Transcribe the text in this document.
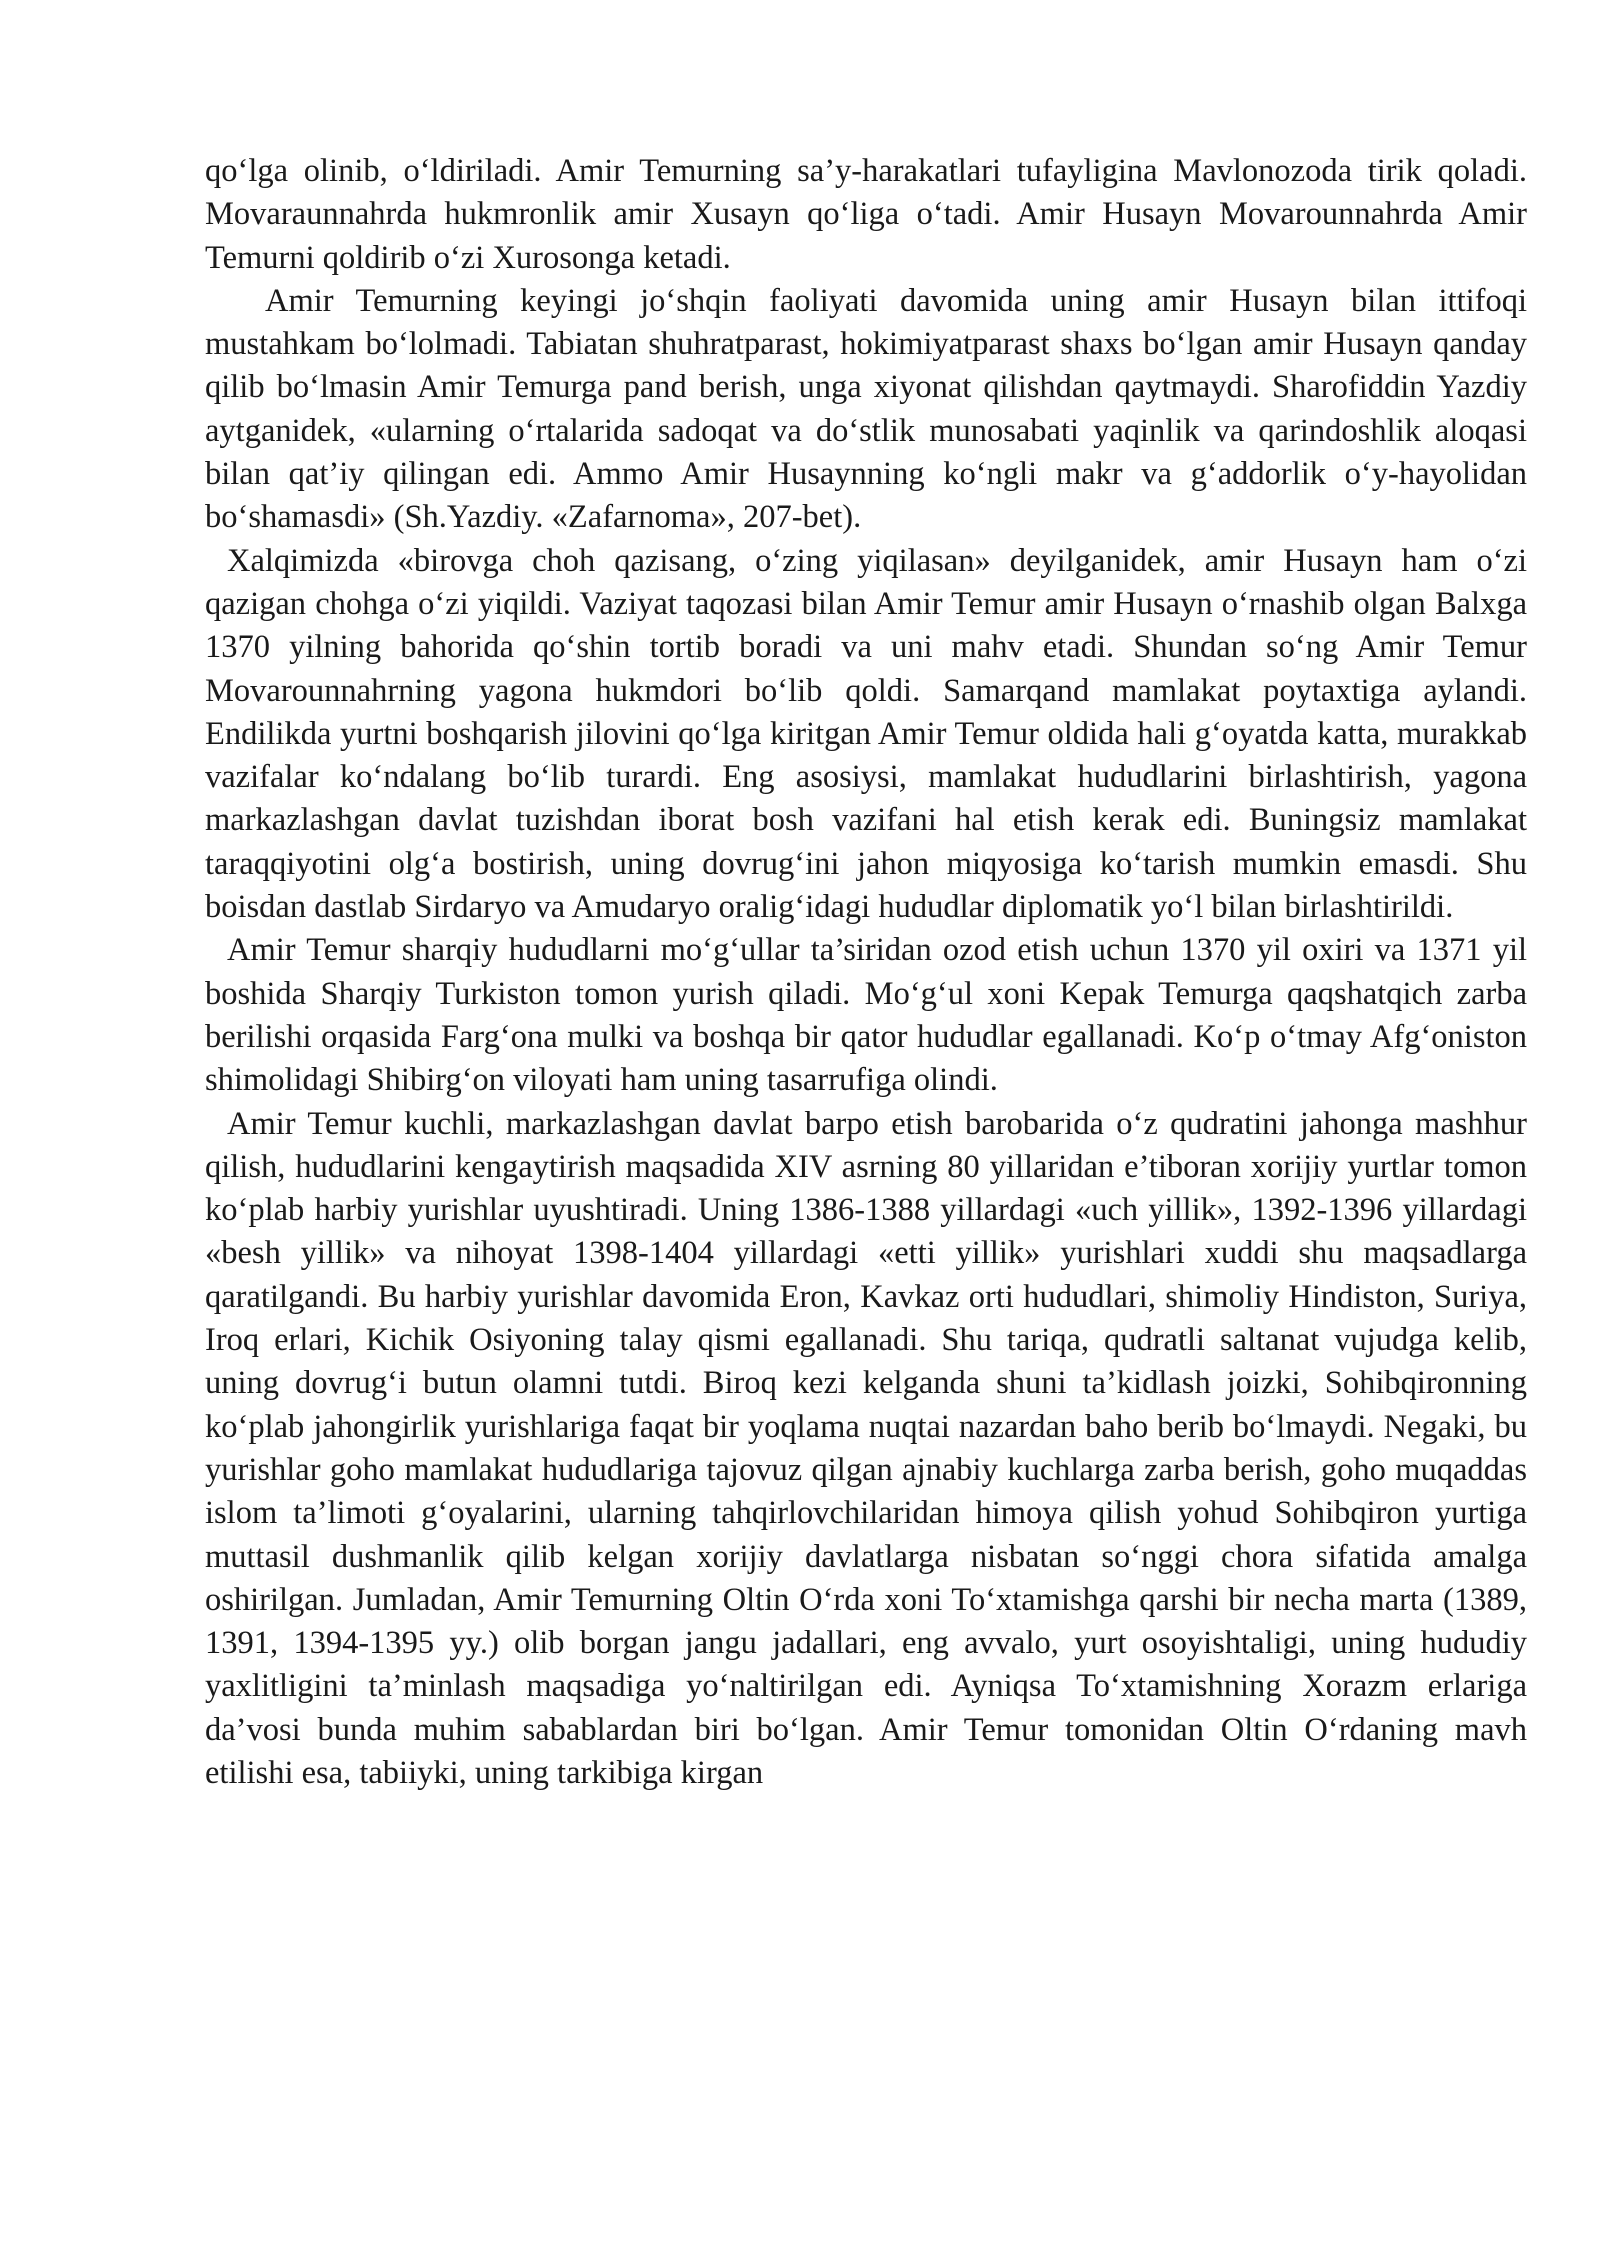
qo‘lga olinib, o‘ldiriladi. Amir Temurning sa’y-harakatlari tufayligina Mavlonozoda tirik qoladi. Movaraunnahrda hukmronlik amir Xusayn qo‘liga o‘tadi. Amir Husayn Movarounnahrda Amir Temurni qoldirib o‘zi Xurosonga ketadi.

Amir Temurning keyingi jo‘shqin faoliyati davomida uning amir Husayn bilan ittifoqi mustahkam bo‘lolmadi. Tabiatan shuhratparast, hokimiyatparast shaxs bo‘lgan amir Husayn qanday qilib bo‘lmasin Amir Temurga pand berish, unga xiyonat qilishdan qaytmaydi. Sharofiddin Yazdiy aytganidek, «ularning o‘rtalarida sadoqat va do‘stlik munosabati yaqinlik va qarindoshlik aloqasi bilan qat’iy qilingan edi. Ammo Amir Husaynning ko‘ngli makr va g‘addorlik o‘y-hayolidan bo‘shamasdi» (Sh.Yazdiy. «Zafarnoma», 207-bet).

Xalqimizda «birovga choh qazisang, o‘zing yiqilasan» deyilganidek, amir Husayn ham o‘zi qazigan chohga o‘zi yiqildi. Vaziyat taqozasi bilan Amir Temur amir Husayn o‘rnashib olgan Balxga 1370 yilning bahorida qo‘shin tortib boradi va uni mahv etadi. Shundan so‘ng Amir Temur Movarounnahrning yagona hukmdori bo‘lib qoldi. Samarqand mamlakat poytaxtiga aylandi. Endilikda yurtni boshqarish jilovini qo‘lga kiritgan Amir Temur oldida hali g‘oyatda katta, murakkab vazifalar ko‘ndalang bo‘lib turardi. Eng asosiysi, mamlakat hududlarini birlashtirish, yagona markazlashgan davlat tuzishdan iborat bosh vazifani hal etish kerak edi. Buningsiz mamlakat taraqqiyotini olg‘a bostirish, uning dovrug‘ini jahon miqyosiga ko‘tarish mumkin emasdi. Shu boisdan dastlab Sirdaryo va Amudaryo oralig‘idagi hududlar diplomatik yo‘l bilan birlashtirildi.

Amir Temur sharqiy hududlarni mo‘g‘ullar ta’siridan ozod etish uchun 1370 yil oxiri va 1371 yil boshida Sharqiy Turkiston tomon yurish qiladi. Mo‘g‘ul xoni Kepak Temurga qaqshatqich zarba berilishi orqasida Farg‘ona mulki va boshqa bir qator hududlar egallanadi. Ko‘p o‘tmay Afg‘oniston shimolidagi Shibirg‘on viloyati ham uning tasarrufiga olindi.

Amir Temur kuchli, markazlashgan davlat barpo etish barobarida o‘z qudratini jahonga mashhur qilish, hududlarini kengaytirish maqsadida XIV asrning 80 yillaridan e’tiboran xorijiy yurtlar tomon ko‘plab harbiy yurishlar uyushtiradi. Uning 1386-1388 yillardagi «uch yillik», 1392-1396 yillardagi «besh yillik» va nihoyat 1398-1404 yillardagi «etti yillik» yurishlari xuddi shu maqsadlarga qaratilgandi. Bu harbiy yurishlar davomida Eron, Kavkaz orti hududlari, shimoliy Hindiston, Suriya, Iroq erlari, Kichik Osiyoning talay qismi egallanadi. Shu tariqa, qudratli saltanat vujudga kelib, uning dovrug‘i butun olamni tutdi. Biroq kezi kelganda shuni ta’kidlash joizki, Sohibqironning ko‘plab jahongirlik yurishlariga faqat bir yoqlama nuqtai nazardan baho berib bo‘lmaydi. Negaki, bu yurishlar goho mamlakat hududlariga tajovuz qilgan ajnabiy kuchlarga zarba berish, goho muqaddas islom ta’limoti g‘oyalarini, ularning tahqirlovchilaridan himoya qilish yohud Sohibqiron yurtiga muttasil dushmanlik qilib kelgan xorijiy davlatlarga nisbatan so‘nggi chora sifatida amalga oshirilgan. Jumladan, Amir Temurning Oltin O‘rda xoni To‘xtamishga qarshi bir necha marta (1389, 1391, 1394-1395 yy.) olib borgan jangu jadallari, eng avvalo, yurt osoyishtaligi, uning hududiy yaxlitligini ta’minlash maqsadiga yo‘naltirilgan edi. Ayniqsa To‘xtamishning Xorazm erlariga da’vosi bunda muhim sabablardan biri bo‘lgan. Amir Temur tomonidan Oltin O‘rdaning mavh etilishi esa, tabiiyki, uning tarkibiga kirgan
